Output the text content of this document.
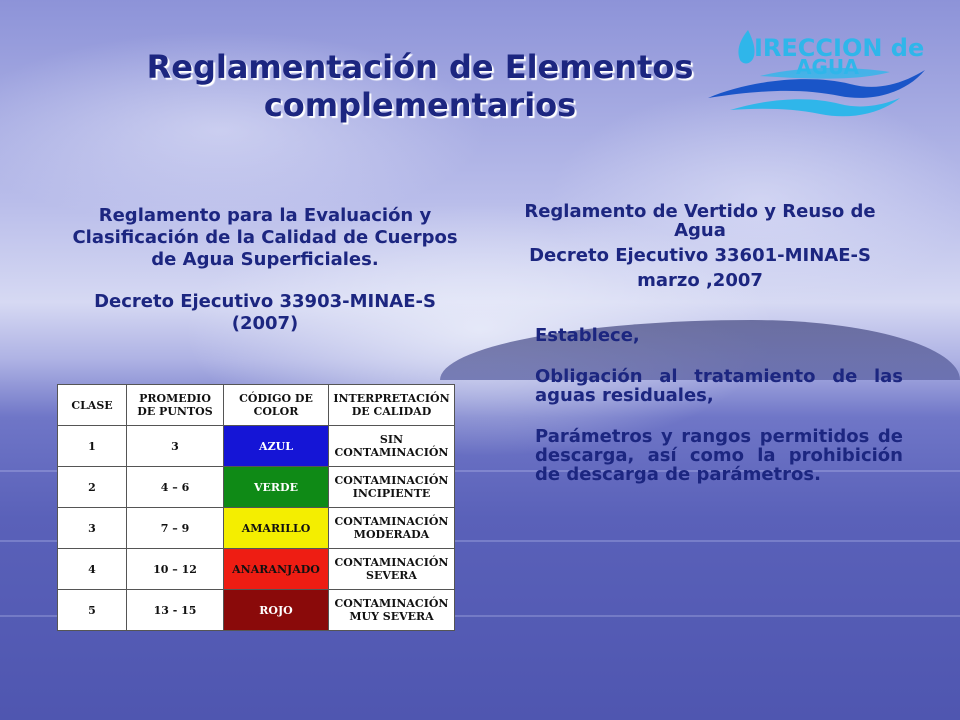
Reglamentación de Elementos
complementarios
IRECCION de
AGUA

Reglamento para la Evaluación y Clasificación de la Calidad de Cuerpos de Agua Superficiales.

Decreto Ejecutivo 33903-MINAE-S (2007)

Reglamento de Vertido y Reuso de Agua

Decreto Ejecutivo 33601-MINAE-S

marzo ,2007

Establece,

Obligación al tratamiento de las aguas residuales,

Parámetros y rangos permitidos de descarga, así como la prohibición de descarga de parámetros.

CLASE	PROMEDIO DE PUNTOS	CÓDIGO DE COLOR	INTERPRETACIÓN DE CALIDAD
1	3	AZUL	SIN CONTAMINACIÓN
2	4 – 6	VERDE	CONTAMINACIÓN INCIPIENTE
3	7 – 9	AMARILLO	CONTAMINACIÓN MODERADA
4	10 – 12	ANARANJADO	CONTAMINACIÓN SEVERA
5	13 - 15	ROJO	CONTAMINACIÓN MUY SEVERA
